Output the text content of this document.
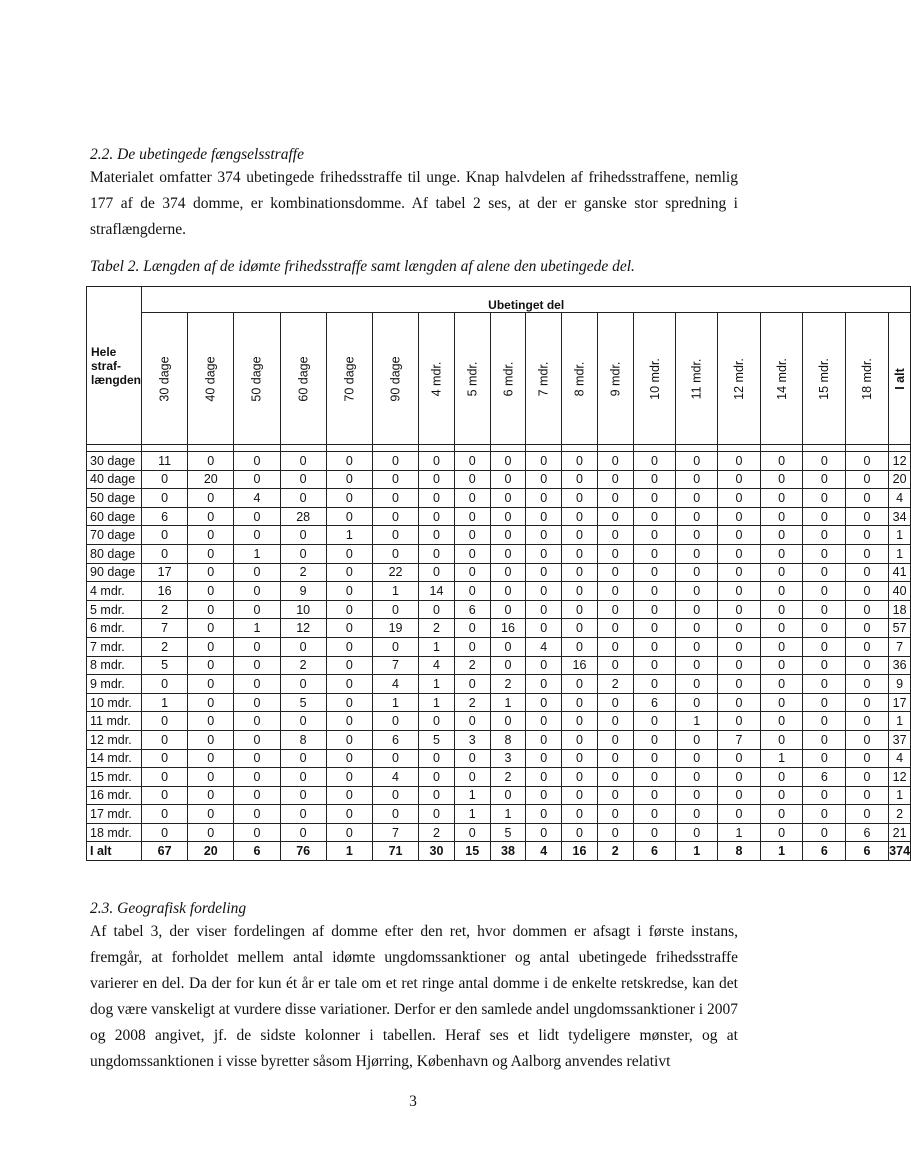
2.2. De ubetingede fængselsstraffe
Materialet omfatter 374 ubetingede frihedsstraffe til unge. Knap halvdelen af frihedsstraffene, nemlig 177 af de 374 domme, er kombinationsdomme. Af tabel 2 ses, at der er ganske stor spredning i straflængderne.
Tabel 2. Længden af de idømte frihedsstraffe samt længden af alene den ubetingede del.
Hele straf-
længden	Ubetinget del																		
	30 dage	40 dage	50 dage	60 dage	70 dage	90 dage	4 mdr.	5 mdr.	6 mdr.	7 mdr.	8 mdr.	9 mdr.	10 mdr.	11 mdr.	12 mdr.	14 mdr.	15 mdr.	18 mdr.	I alt

30 dage	11	0	0	0	0	0	0	0	0	0	0	0	0	0	0	0	0	0	12
40 dage	0	20	0	0	0	0	0	0	0	0	0	0	0	0	0	0	0	0	20
50 dage	0	0	4	0	0	0	0	0	0	0	0	0	0	0	0	0	0	0	4
60 dage	6	0	0	28	0	0	0	0	0	0	0	0	0	0	0	0	0	0	34
70 dage	0	0	0	0	1	0	0	0	0	0	0	0	0	0	0	0	0	0	1
80 dage	0	0	1	0	0	0	0	0	0	0	0	0	0	0	0	0	0	0	1
90 dage	17	0	0	2	0	22	0	0	0	0	0	0	0	0	0	0	0	0	41
4 mdr.	16	0	0	9	0	1	14	0	0	0	0	0	0	0	0	0	0	0	40
5 mdr.	2	0	0	10	0	0	0	6	0	0	0	0	0	0	0	0	0	0	18
6 mdr.	7	0	1	12	0	19	2	0	16	0	0	0	0	0	0	0	0	0	57
7 mdr.	2	0	0	0	0	0	1	0	0	4	0	0	0	0	0	0	0	0	7
8 mdr.	5	0	0	2	0	7	4	2	0	0	16	0	0	0	0	0	0	0	36
9 mdr.	0	0	0	0	0	4	1	0	2	0	0	2	0	0	0	0	0	0	9
10 mdr.	1	0	0	5	0	1	1	2	1	0	0	0	6	0	0	0	0	0	17
11 mdr.	0	0	0	0	0	0	0	0	0	0	0	0	0	1	0	0	0	0	1
12 mdr.	0	0	0	8	0	6	5	3	8	0	0	0	0	0	7	0	0	0	37
14 mdr.	0	0	0	0	0	0	0	0	3	0	0	0	0	0	0	1	0	0	4
15 mdr.	0	0	0	0	0	4	0	0	2	0	0	0	0	0	0	0	6	0	12
16 mdr.	0	0	0	0	0	0	0	1	0	0	0	0	0	0	0	0	0	0	1
17 mdr.	0	0	0	0	0	0	0	1	1	0	0	0	0	0	0	0	0	0	2
18 mdr.	0	0	0	0	0	7	2	0	5	0	0	0	0	0	1	0	0	6	21
I alt	67	20	6	76	1	71	30	15	38	4	16	2	6	1	8	1	6	6	374
2.3. Geografisk fordeling
Af tabel 3, der viser fordelingen af domme efter den ret, hvor dommen er afsagt i første instans, fremgår, at forholdet mellem antal idømte ungdomssanktioner og antal ubetingede frihedsstraffe varierer en del. Da der for kun ét år er tale om et ret ringe antal domme i de enkelte retskredse, kan det dog være vanskeligt at vurdere disse variationer. Derfor er den samlede andel ungdomssanktioner i 2007 og 2008 angivet, jf. de sidste kolonner i tabellen. Heraf ses et lidt tydeligere mønster, og at ungdomssanktionen i visse byretter såsom Hjørring, København og Aalborg anvendes relativt
3
